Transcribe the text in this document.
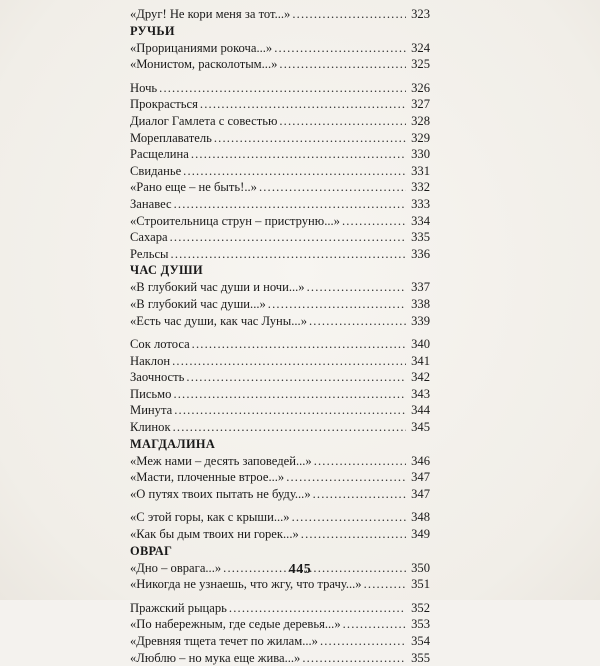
«Друг! Не кори меня за тот...» . . .	323
РУЧЬИ
«Прорицаниями рокоча...» . . .	324
«Монистом, расколотым...» . . .	325
Ночь . . .	326
Прокрасться . . .	327
Диалог Гамлета с совестью . . .	328
Мореплаватель . . .	329
Расщелина . . .	330
Свиданье . . .	331
«Рано еще – не быть!..» . . .	332
Занавес . . .	333
«Строительница струн – приструню...» . . .	334
Сахара . . .	335
Рельсы . . .	336
ЧАС ДУШИ
«В глубокий час души и ночи...» . . .	337
«В глубокий час души...» . . .	338
«Есть час души, как час Луны...» . . .	339
Сок лотоса . . .	340
Наклон . . .	341
Заочность . . .	342
Письмо . . .	343
Минута . . .	344
Клинок . . .	345
МАГДАЛИНА
«Меж нами – десять заповедей...» . . .	346
«Масти, плоченные втрое...» . . .	347
«О путях твоих пытать не буду...» . . .	347
«С этой горы, как с крыши...» . . .	348
«Как бы дым твоих ни горек...» . . .	349
ОВРАГ
«Дно – оврага...» . . .	350
«Никогда не узнаешь, что жгу, что трачу...» . . .	351
Пражский рыцарь . . .	352
«По набережным, где седые деревья...» . . .	353
«Древняя тщета течет по жилам...» . . .	354
«Люблю – но мука еще жива...» . . .	355
445
